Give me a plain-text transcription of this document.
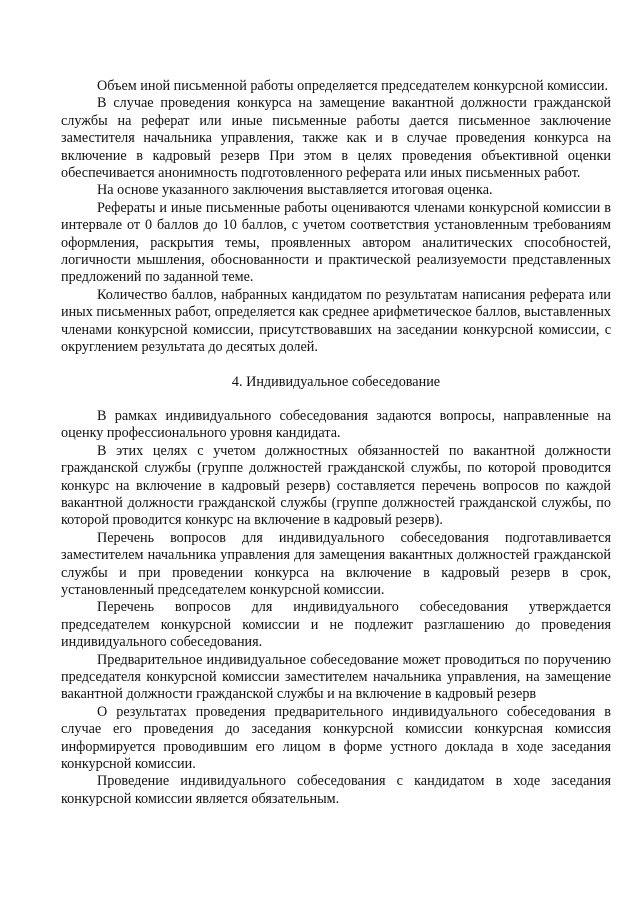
Объем иной письменной работы определяется председателем конкурсной комиссии.

В случае проведения конкурса на замещение вакантной должности гражданской службы на реферат или иные письменные работы дается письменное заключение заместителя начальника управления, также как и в случае проведения конкурса на включение в кадровый резерв При этом в целях проведения объективной оценки обеспечивается анонимность подготовленного реферата или иных письменных работ.

На основе указанного заключения выставляется итоговая оценка.

Рефераты и иные письменные работы оцениваются членами конкурсной комиссии в интервале от 0 баллов до 10 баллов, с учетом соответствия установленным требованиям оформления, раскрытия темы, проявленных автором аналитических способностей, логичности мышления, обоснованности и практической реализуемости представленных предложений по заданной теме.

Количество баллов, набранных кандидатом по результатам написания реферата или иных письменных работ, определяется как среднее арифметическое баллов, выставленных членами конкурсной комиссии, присутствовавших на заседании конкурсной комиссии, с округлением результата до десятых долей.

4. Индивидуальное собеседование

В рамках индивидуального собеседования задаются вопросы, направленные на оценку профессионального уровня кандидата.

В этих целях с учетом должностных обязанностей по вакантной должности гражданской службы (группе должностей гражданской службы, по которой проводится конкурс на включение в кадровый резерв) составляется перечень вопросов по каждой вакантной должности гражданской службы (группе должностей гражданской службы, по которой проводится конкурс на включение в кадровый резерв).

Перечень вопросов для индивидуального собеседования подготавливается заместителем начальника управления для замещения вакантных должностей гражданской службы и при проведении конкурса на включение в кадровый резерв в срок, установленный председателем конкурсной комиссии.

Перечень вопросов для индивидуального собеседования утверждается председателем конкурсной комиссии и не подлежит разглашению до проведения индивидуального собеседования.

Предварительное индивидуальное собеседование может проводиться по поручению председателя конкурсной комиссии заместителем начальника управления, на замещение вакантной должности гражданской службы и на включение в кадровый резерв

О результатах проведения предварительного индивидуального собеседования в случае его проведения до заседания конкурсной комиссии конкурсная комиссия информируется проводившим его лицом в форме устного доклада в ходе заседания конкурсной комиссии.

Проведение индивидуального собеседования с кандидатом в ходе заседания конкурсной комиссии является обязательным.
